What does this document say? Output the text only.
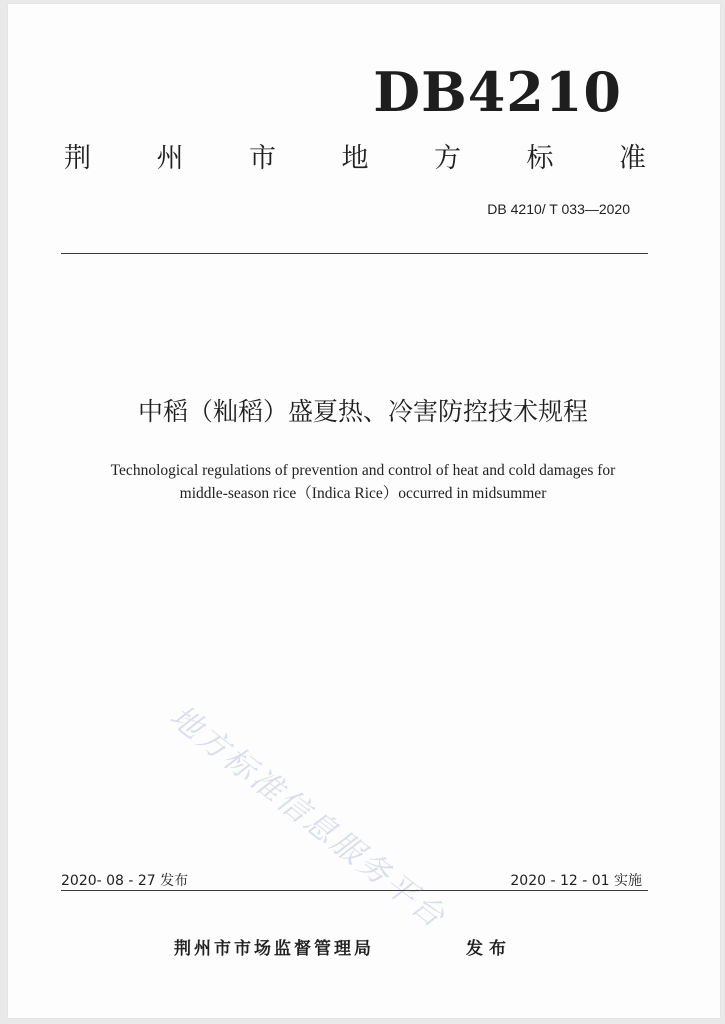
DB4210
荆 州 市 地 方 标 准
DB 4210/ T 033—2020
中稻（籼稻）盛夏热、冷害防控技术规程
Technological regulations of prevention and control of heat and cold damages for
middle-season rice（Indica Rice）occurred in midsummer
地方标准信息服务平台
2020- 08 - 27 发布	2020 - 12 - 01 实施
荆州市市场监督管理局	发布
